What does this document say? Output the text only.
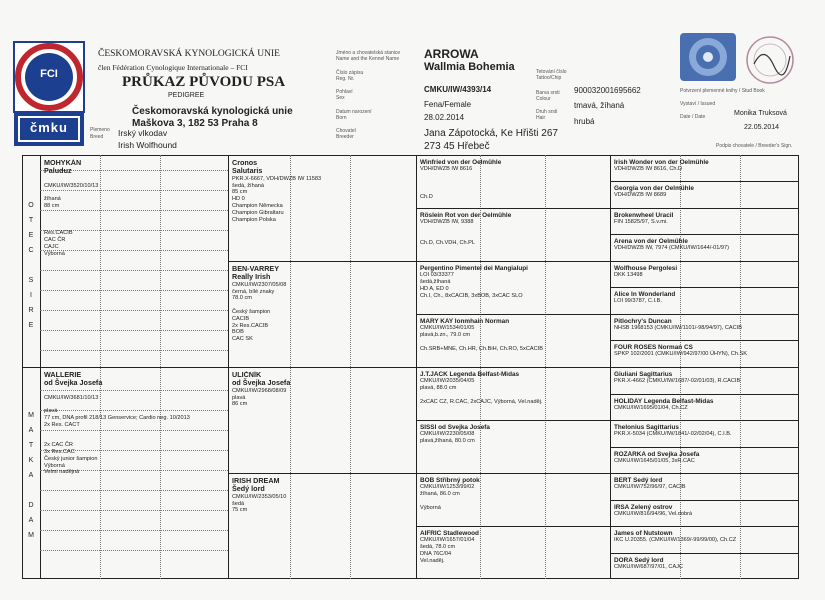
FCI
čmku
ČESKOMORAVSKÁ KYNOLOGICKÁ UNIE
člen Fédération Cynologique Internationale – FCI
PRŮKAZ PŮVODU PSA
PEDIGREE
Českomoravská kynologická unie
Maškova 3, 182 53 Praha 8
Plemeno
Breed Irský vlkodav
Irish Wolfhound
Jméno a chovatelská stanice
Name and the Kennel Name
Číslo zápisu
Reg. Nr.
Pohlaví
Sex
Datum narození
Born
Chovatel
Breeder
ARROWA
Wallmia Bohemia
CMKU/IW/4393/14
Fena/Female
28.02.2014
Jana Zápotocká, Ke Hřišti 267
273 45 Hřebeč
Tetování číslo
Tattoo/Chip
Barva srsti
Colour
Druh srsti
Hair
900032001695662
tmavá, žíhaná
hrubá
Potvrzení plemenné knihy / Stud Book
Vystaví / Issued
Date / Date	Monika Truksová
22.05.2014
Podpis chovatele / Breeder's Sign.
O
T
E
C

S
I
R
E
M
A
T
K
A

D
A
M
MOHYKÁN
Paluduz

CMKU/IW/3520/10/13

žíhaná
88 cm

Res.CACIB
CAC ČR
CAJC
Výborná
WALLERIE
od Švejka Josefa

CMKU/IW/3681/10/13

plavá
77 cm, DNA profil 218/13 Genservice; Cardio neg. 10/2013
2x Res. CACT

2x CAC ČR
3x Res.CAC
Český junior šampion
Výborná
Velmi nadějná
Cronos
Salutaris
PKR.X-6667, VDH/DWZB IW 11583
šedá, žíhaná
85 cm
HD 0
Champion Německa
Champion Gibraltaru
Champion Polska
BEN-VARREY
Really Irish
CMKU/IW/2307/05/08
černá, bílé znaky
78.0 cm

Český šampion
CACIB
2x Res.CACIB
BOB
CAC SK
ULIČNÍK
od Švejka Josefa
CMKU/IW/2968/08/09
plavá
86 cm
IRISH DREAM
Šedý lord
CMKU/IW/2353/05/10
šedá
75 cm
Winfried von der Oelmühle
VDH/DWZB IW 8616

Ch.D
Röslein Rot von der Oelmühle
VDH/DWZB IW, 9388

Ch.D, Ch.VDH, Ch.PL
Pergentino Pimentel dei Mangialupi
LOI 03/33377
šedá,žíhaná
HD A, ED 0
Ch.I, Ch., 8xCACIB, 3xBOB, 3xCAC SLO
MARY KAY Ionmhain Norman
CMKU/IW/1534/01/05
plavá,b.zn., 79.0 cm

Ch.SRB+MNE, Ch.HR, Ch.BiH, Ch.RO, 5xCACIB
J.T.JACK Legenda Belfast-Midas
CMKU/IW/2035/04/05
plavá, 88.0 cm

2xCAC CZ, R.CAC, 2xCAJC, Výborná, Vel.naděj.
SISSI od Švejka Josefa
CMKU/IW/2230/05/08
plavá,žíhaná, 80.0 cm
BOB Stříbrný potok
CMKU/IW/1253/99/02
žíhaná, 86.0 cm

Výborná
AIFRIC Stadlewood
CMKU/IW/1657/01/04
šedá, 78.0 cm
DNA 76C/04
Vel.naděj.
Irish Wonder von der Oelmühle
VDH/DWZB IW 8616, Ch.D
Georgia von der Oelmühle
VDH/DWZB IW 8689
Brokenwheel Uracil
FIN 15825/97, S.v.mi.
Arena von der Oelmühle
VDH/DWZB IW, 7974 (CMKU/IW/1644/-01/97)
Wolfhouse Pergolesi
DKK 13498
Alice In Wonderland
LOI 99/3787, C.I.B.
Pitlochry's Duncan
NHSB 1968153 (CMKU/IW/1101/-98/94/97), CACIB
FOUR ROSES Norman CS
SPKP 102/2001 (CMKU/IW/942/97/00 ÚHYN), Ch.SK
Giuliani Sagittarius
PKR.X-4662 (CMKU/IW/1687/-02/01/03), R.CACIB
HOLIDAY Legenda Belfast-Midas
CMKU/IW/1695/01/04, Ch.CZ
Thelonius Sagittarius
PKR.X-5034 (CMKU/IW/1841/-02/02/04), C.I.B.
ROZÁRKA od Švejka Josefa
CMKU/IW/1645/01/05, 3xR.CAC
BERT Šedý lord
CMKU/IW/752/96/97, CACIB
IRSA Zelený ostrov
CMKU/IW/816/94/96, Vel.dobrá
James of Nutstown
IKC U.20355. (CMKU/IW/1369/-99/99/00), Ch.CZ
DORA Šedý lord
CMKU/IW/687/97/01, CAJC
